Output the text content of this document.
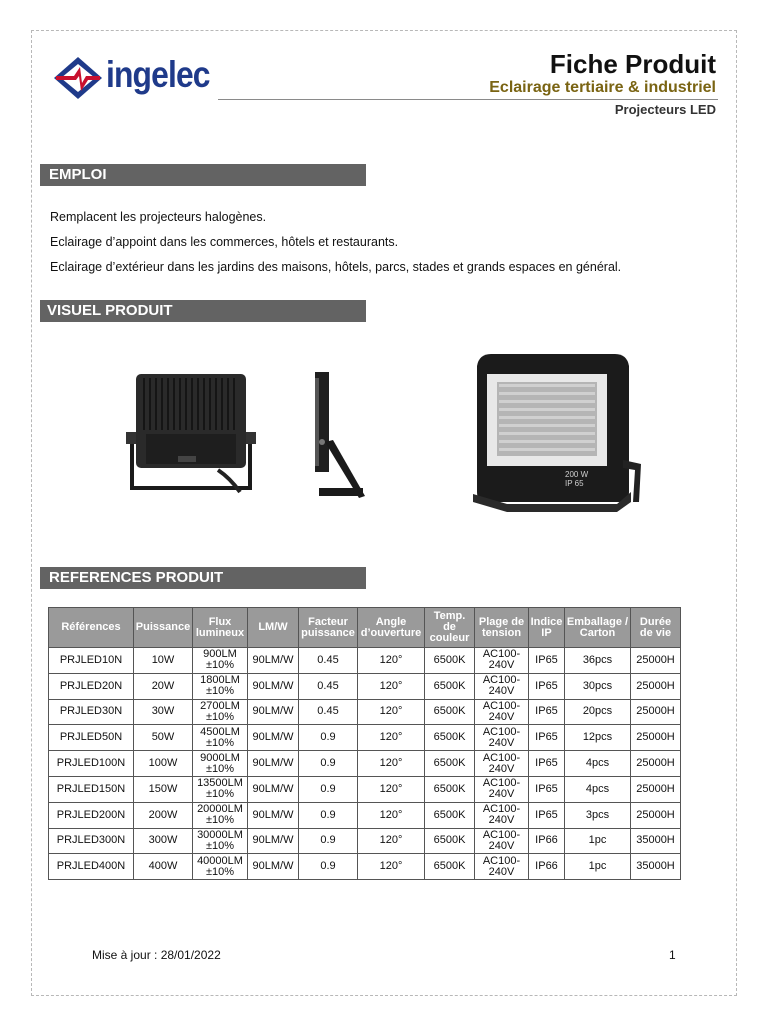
ingelec	Fiche Produit
Eclairage tertiaire & industriel
Projecteurs LED
EMPLOI
Remplacent les projecteurs halogènes.
Eclairage d’appoint dans les commerces, hôtels et restaurants.
Eclairage d’extérieur dans les jardins des maisons, hôtels, parcs, stades et grands espaces en général.
VISUEL PRODUIT
200 W
IP 65
REFERENCES PRODUIT
Références	Puissance	Flux lumineux	LM/W	Facteur puissance	Angle d’ouverture	Temp. de couleur	Plage de tension	Indice IP	Emballage / Carton	Durée de vie
PRJLED10N	10W	900LM ±10%	90LM/W	0.45	120°	6500K	AC100-240V	IP65	36pcs	25000H
PRJLED20N	20W	1800LM ±10%	90LM/W	0.45	120°	6500K	AC100-240V	IP65	30pcs	25000H
PRJLED30N	30W	2700LM ±10%	90LM/W	0.45	120°	6500K	AC100-240V	IP65	20pcs	25000H
PRJLED50N	50W	4500LM ±10%	90LM/W	0.9	120°	6500K	AC100-240V	IP65	12pcs	25000H
PRJLED100N	100W	9000LM ±10%	90LM/W	0.9	120°	6500K	AC100-240V	IP65	4pcs	25000H
PRJLED150N	150W	13500LM ±10%	90LM/W	0.9	120°	6500K	AC100-240V	IP65	4pcs	25000H
PRJLED200N	200W	20000LM ±10%	90LM/W	0.9	120°	6500K	AC100-240V	IP65	3pcs	25000H
PRJLED300N	300W	30000LM ±10%	90LM/W	0.9	120°	6500K	AC100-240V	IP66	1pc	35000H
PRJLED400N	400W	40000LM ±10%	90LM/W	0.9	120°	6500K	AC100-240V	IP66	1pc	35000H
Mise à jour : 28/01/2022	1
